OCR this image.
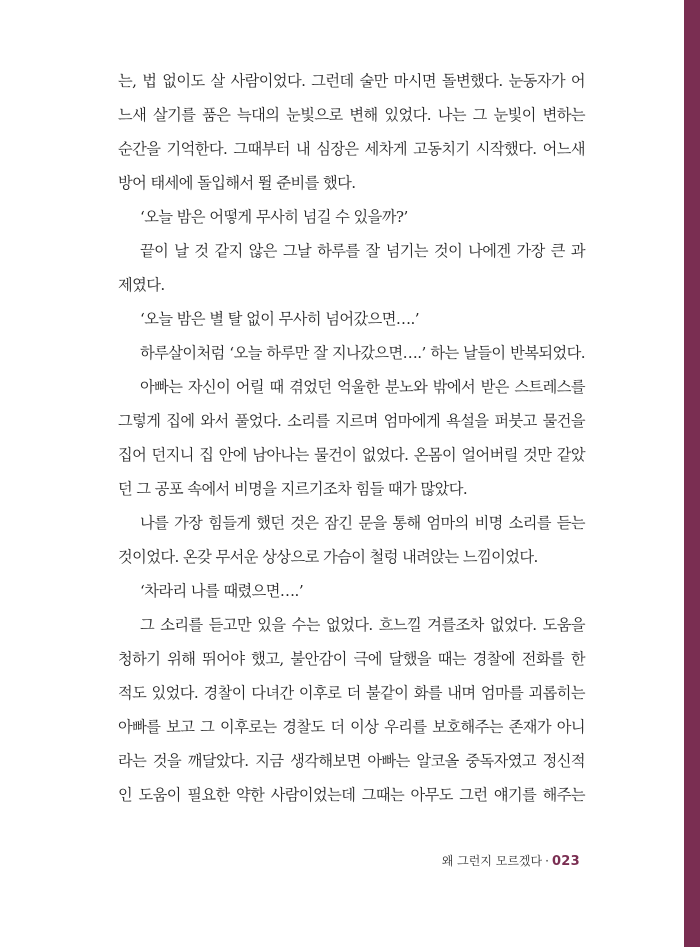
는, 법 없이도 살 사람이었다. 그런데 술만 마시면 돌변했다. 눈동자가 어
느새 살기를 품은 늑대의 눈빛으로 변해 있었다. 나는 그 눈빛이 변하는
순간을 기억한다. 그때부터 내 심장은 세차게 고동치기 시작했다. 어느새
방어 태세에 돌입해서 뛸 준비를 했다.
‘오늘 밤은 어떻게 무사히 넘길 수 있을까?’
끝이 날 것 같지 않은 그날 하루를 잘 넘기는 것이 나에겐 가장 큰 과
제였다.
‘오늘 밤은 별 탈 없이 무사히 넘어갔으면….’
하루살이처럼 ‘오늘 하루만 잘 지나갔으면….’ 하는 날들이 반복되었다.
아빠는 자신이 어릴 때 겪었던 억울한 분노와 밖에서 받은 스트레스를
그렇게 집에 와서 풀었다. 소리를 지르며 엄마에게 욕설을 퍼붓고 물건을
집어 던지니 집 안에 남아나는 물건이 없었다. 온몸이 얼어버릴 것만 같았
던 그 공포 속에서 비명을 지르기조차 힘들 때가 많았다.
나를 가장 힘들게 했던 것은 잠긴 문을 통해 엄마의 비명 소리를 듣는
것이었다. 온갖 무서운 상상으로 가슴이 철렁 내려앉는 느낌이었다.
‘차라리 나를 때렸으면….’
그 소리를 듣고만 있을 수는 없었다. 흐느낄 겨를조차 없었다. 도움을
청하기 위해 뛰어야 했고, 불안감이 극에 달했을 때는 경찰에 전화를 한
적도 있었다. 경찰이 다녀간 이후로 더 불같이 화를 내며 엄마를 괴롭히는
아빠를 보고 그 이후로는 경찰도 더 이상 우리를 보호해주는 존재가 아니
라는 것을 깨달았다. 지금 생각해보면 아빠는 알코올 중독자였고 정신적
인 도움이 필요한 약한 사람이었는데 그때는 아무도 그런 얘기를 해주는
왜 그런지 모르겠다 · 023
